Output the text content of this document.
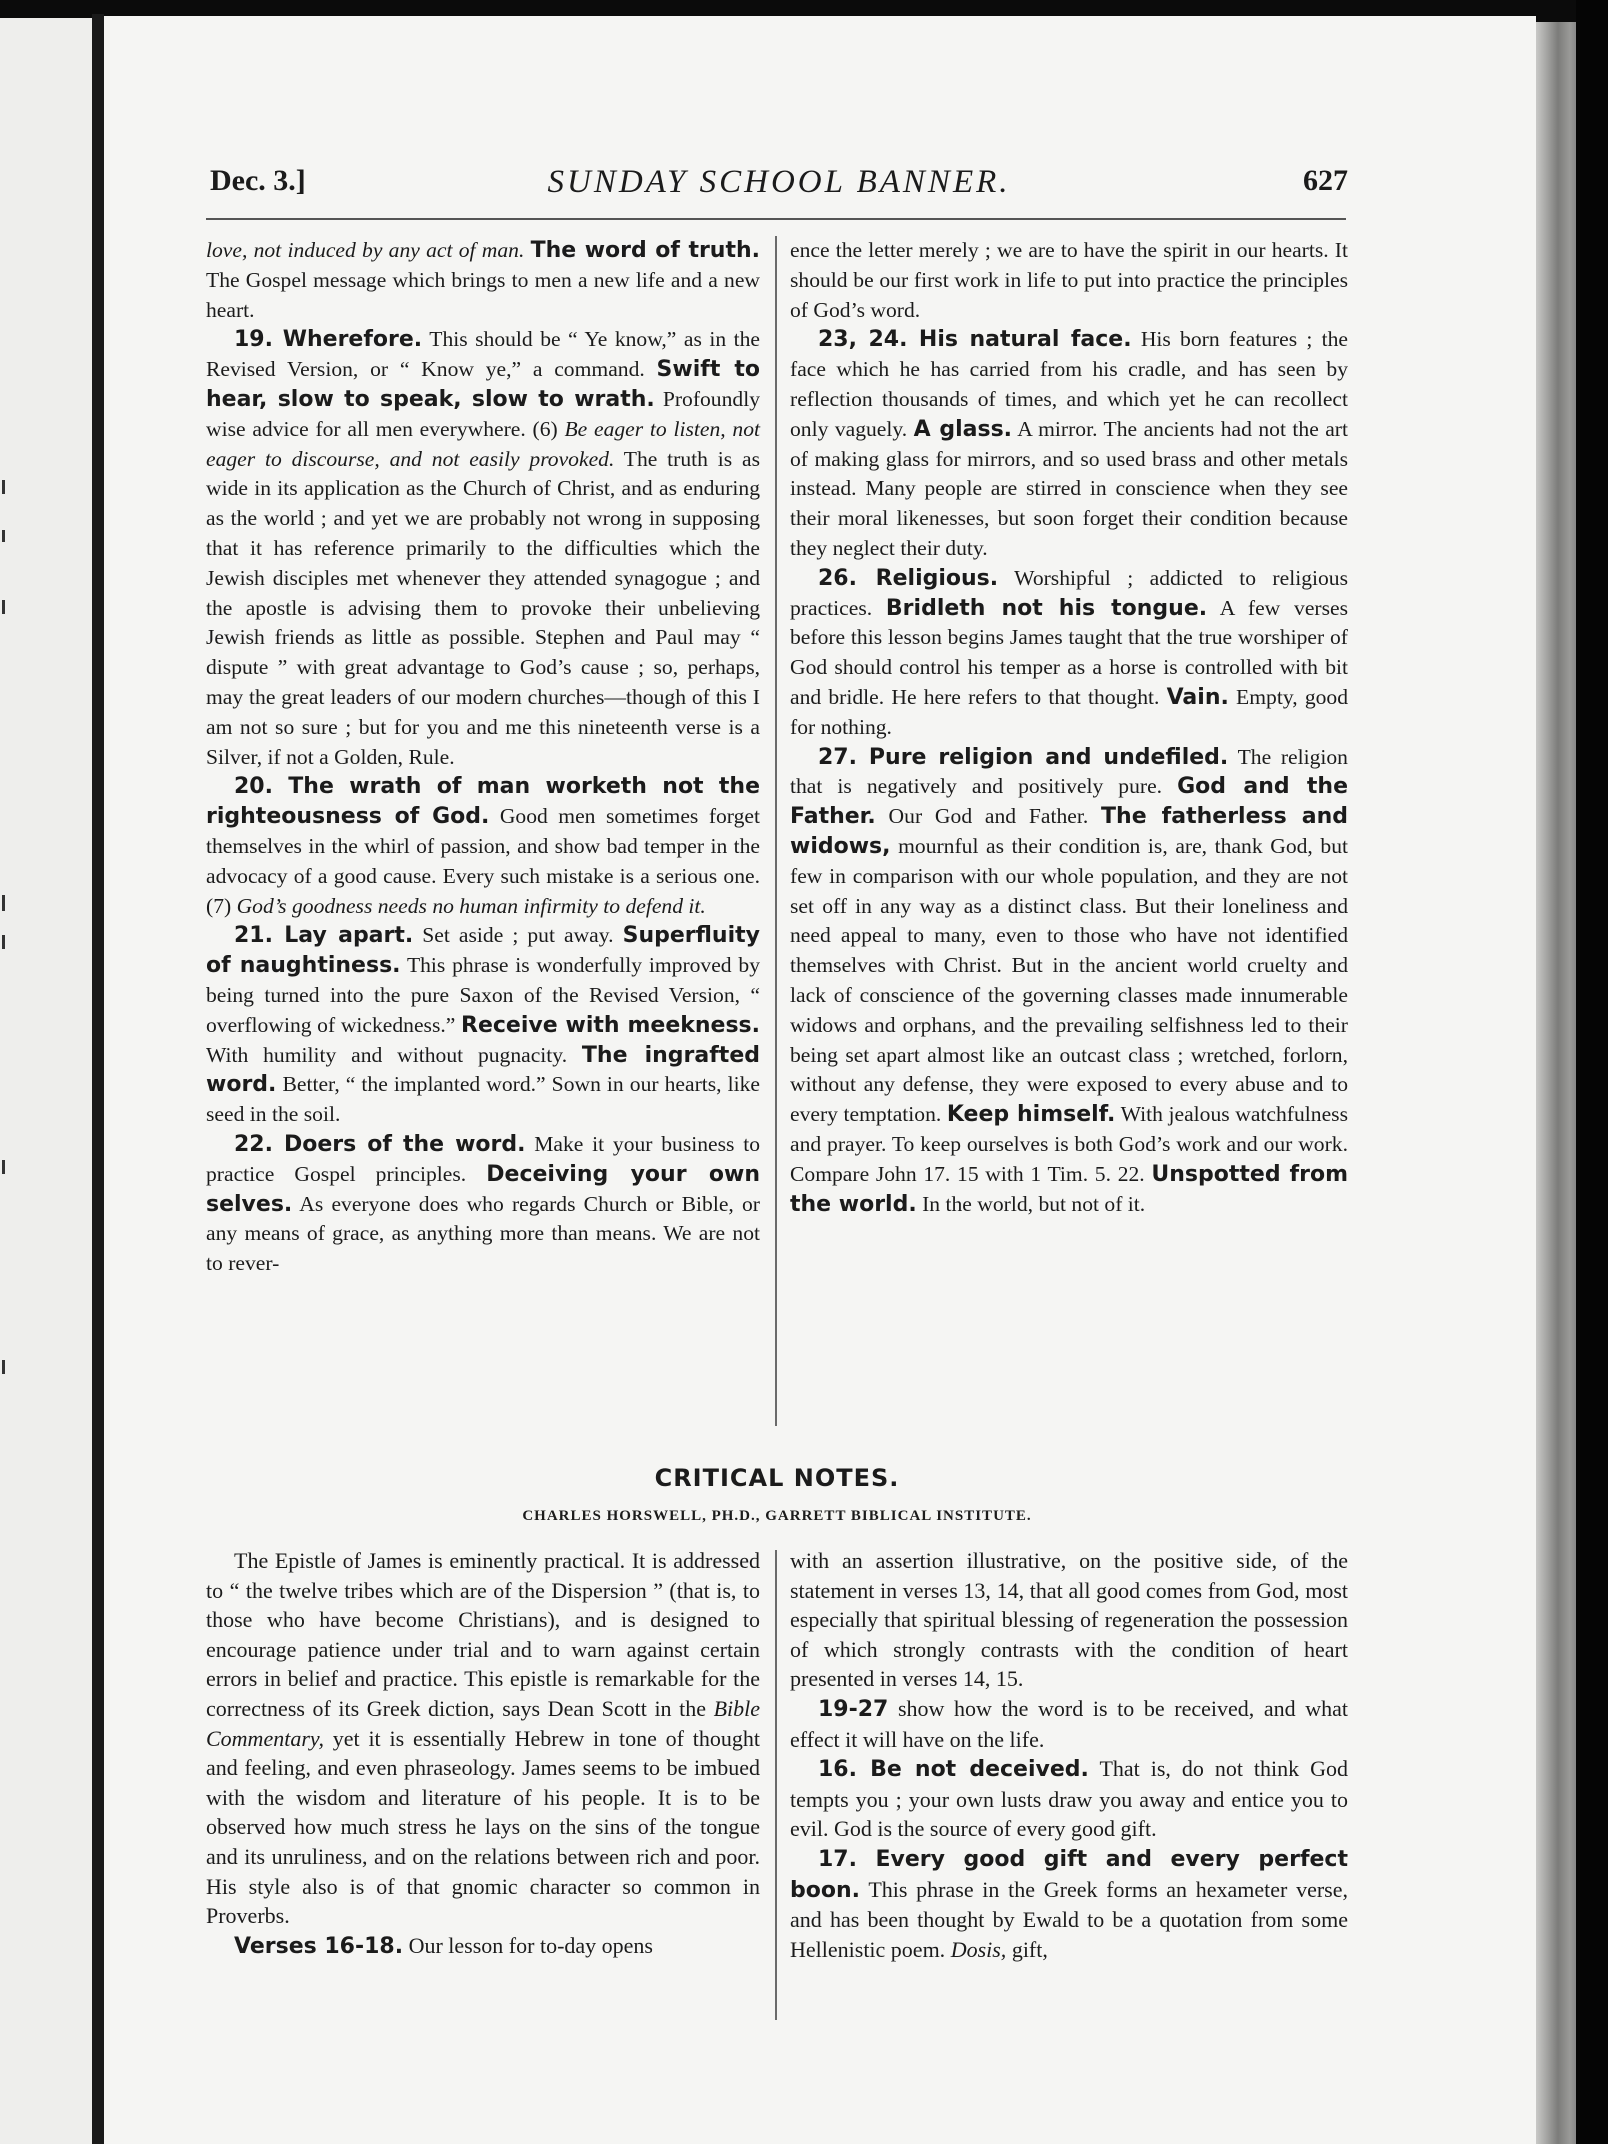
Dec. 3.]	SUNDAY SCHOOL BANNER.	627

love, not induced by any act of man. The word of truth. The Gospel message which brings to men a new life and a new heart.

19. Wherefore. This should be “ Ye know,” as in the Revised Version, or “ Know ye,” a command. Swift to hear, slow to speak, slow to wrath. Profoundly wise advice for all men everywhere. (6) Be eager to listen, not eager to discourse, and not easily provoked. The truth is as wide in its application as the Church of Christ, and as enduring as the world ; and yet we are probably not wrong in supposing that it has reference primarily to the difficulties which the Jewish disciples met whenever they attended synagogue ; and the apostle is advising them to provoke their unbelieving Jewish friends as little as possible. Stephen and Paul may “ dispute ” with great advantage to God’s cause ; so, perhaps, may the great leaders of our modern churches—though of this I am not so sure ; but for you and me this nineteenth verse is a Silver, if not a Golden, Rule.

20. The wrath of man worketh not the righteousness of God. Good men sometimes forget themselves in the whirl of passion, and show bad temper in the advocacy of a good cause. Every such mistake is a serious one. (7) God’s goodness needs no human infirmity to defend it.

21. Lay apart. Set aside ; put away. Superfluity of naughtiness. This phrase is wonderfully improved by being turned into the pure Saxon of the Revised Version, “ overflowing of wickedness.” Receive with meekness. With humility and without pugnacity. The ingrafted word. Better, “ the implanted word.” Sown in our hearts, like seed in the soil.

22. Doers of the word. Make it your business to practice Gospel principles. Deceiving your own selves. As everyone does who regards Church or Bible, or any means of grace, as anything more than means. We are not to rever-

ence the letter merely ; we are to have the spirit in our hearts. It should be our first work in life to put into practice the principles of God’s word.

23, 24. His natural face. His born features ; the face which he has carried from his cradle, and has seen by reflection thousands of times, and which yet he can recollect only vaguely. A glass. A mirror. The ancients had not the art of making glass for mirrors, and so used brass and other metals instead. Many people are stirred in conscience when they see their moral likenesses, but soon forget their condition because they neglect their duty.

26. Religious. Worshipful ; addicted to religious practices. Bridleth not his tongue. A few verses before this lesson begins James taught that the true worshiper of God should control his temper as a horse is controlled with bit and bridle. He here refers to that thought. Vain. Empty, good for nothing.

27. Pure religion and undefiled. The religion that is negatively and positively pure. God and the Father. Our God and Father. The fatherless and widows, mournful as their condition is, are, thank God, but few in comparison with our whole population, and they are not set off in any way as a distinct class. But their loneliness and need appeal to many, even to those who have not identified themselves with Christ. But in the ancient world cruelty and lack of conscience of the governing classes made innumerable widows and orphans, and the prevailing selfishness led to their being set apart almost like an outcast class ; wretched, forlorn, without any defense, they were exposed to every abuse and to every temptation. Keep himself. With jealous watchfulness and prayer. To keep ourselves is both God’s work and our work. Compare John 17. 15 with 1 Tim. 5. 22. Unspotted from the world. In the world, but not of it.

CRITICAL NOTES.
CHARLES HORSWELL, PH.D., GARRETT BIBLICAL INSTITUTE.

The Epistle of James is eminently practical. It is addressed to “ the twelve tribes which are of the Dispersion ” (that is, to those who have become Christians), and is designed to encourage patience under trial and to warn against certain errors in belief and practice. This epistle is remarkable for the correctness of its Greek diction, says Dean Scott in the Bible Commentary, yet it is essentially Hebrew in tone of thought and feeling, and even phraseology. James seems to be imbued with the wisdom and literature of his people. It is to be observed how much stress he lays on the sins of the tongue and its unruliness, and on the relations between rich and poor. His style also is of that gnomic character so common in Proverbs.

Verses 16-18. Our lesson for to-day opens

with an assertion illustrative, on the positive side, of the statement in verses 13, 14, that all good comes from God, most especially that spiritual blessing of regeneration the possession of which strongly contrasts with the condition of heart presented in verses 14, 15.

19-27 show how the word is to be received, and what effect it will have on the life.

16. Be not deceived. That is, do not think God tempts you ; your own lusts draw you away and entice you to evil. God is the source of every good gift.

17. Every good gift and every perfect boon. This phrase in the Greek forms an hexameter verse, and has been thought by Ewald to be a quotation from some Hellenistic poem. Dosis, gift,
